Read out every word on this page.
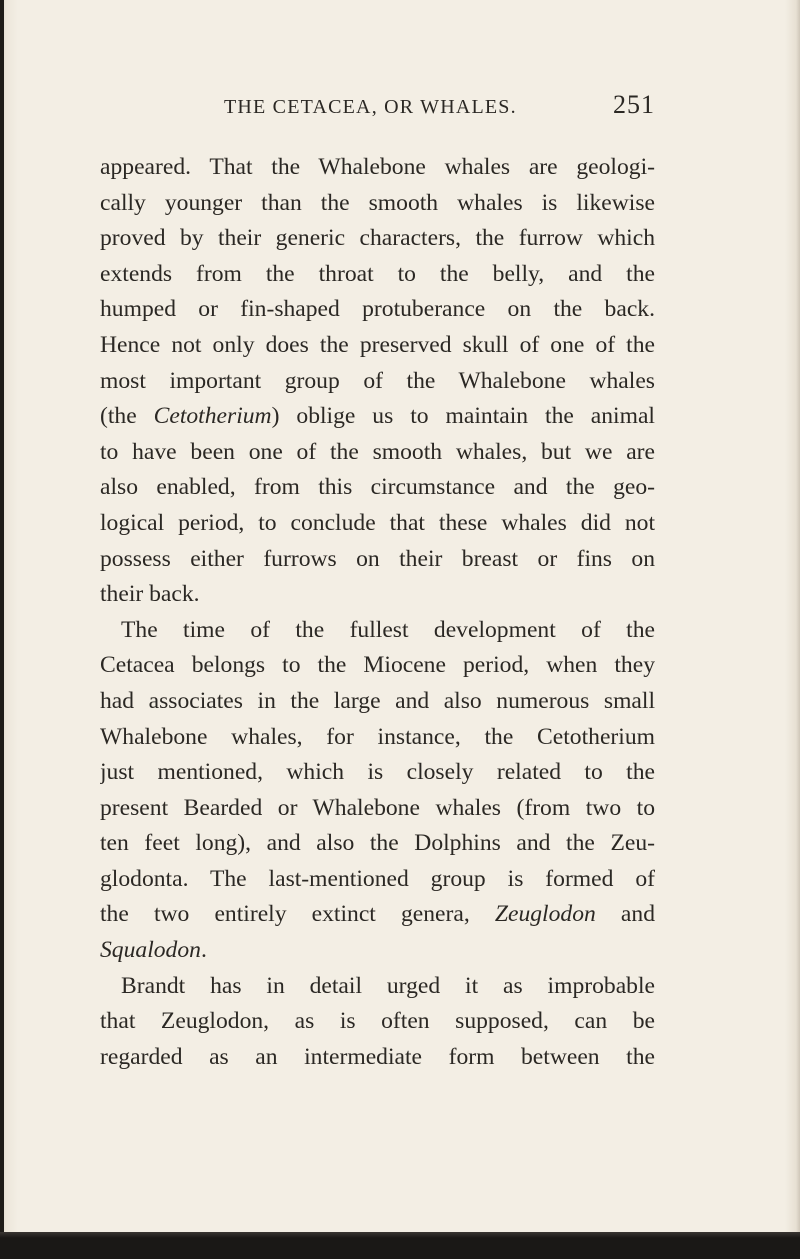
THE CETACEA, OR WHALES.	251
appeared. That the Whalebone whales are geologi-
cally younger than the smooth whales is likewise
proved by their generic characters, the furrow which
extends from the throat to the belly, and the
humped or fin-shaped protuberance on the back.
Hence not only does the preserved skull of one of the
most important group of the Whalebone whales
(the Cetotherium) oblige us to maintain the animal
to have been one of the smooth whales, but we are
also enabled, from this circumstance and the geo-
logical period, to conclude that these whales did not
possess either furrows on their breast or fins on
their back.
The time of the fullest development of the
Cetacea belongs to the Miocene period, when they
had associates in the large and also numerous small
Whalebone whales, for instance, the Cetotherium
just mentioned, which is closely related to the
present Bearded or Whalebone whales (from two to
ten feet long), and also the Dolphins and the Zeu-
glodonta. The last-mentioned group is formed of
the two entirely extinct genera, Zeuglodon and
Squalodon.
Brandt has in detail urged it as improbable
that Zeuglodon, as is often supposed, can be
regarded as an intermediate form between the
